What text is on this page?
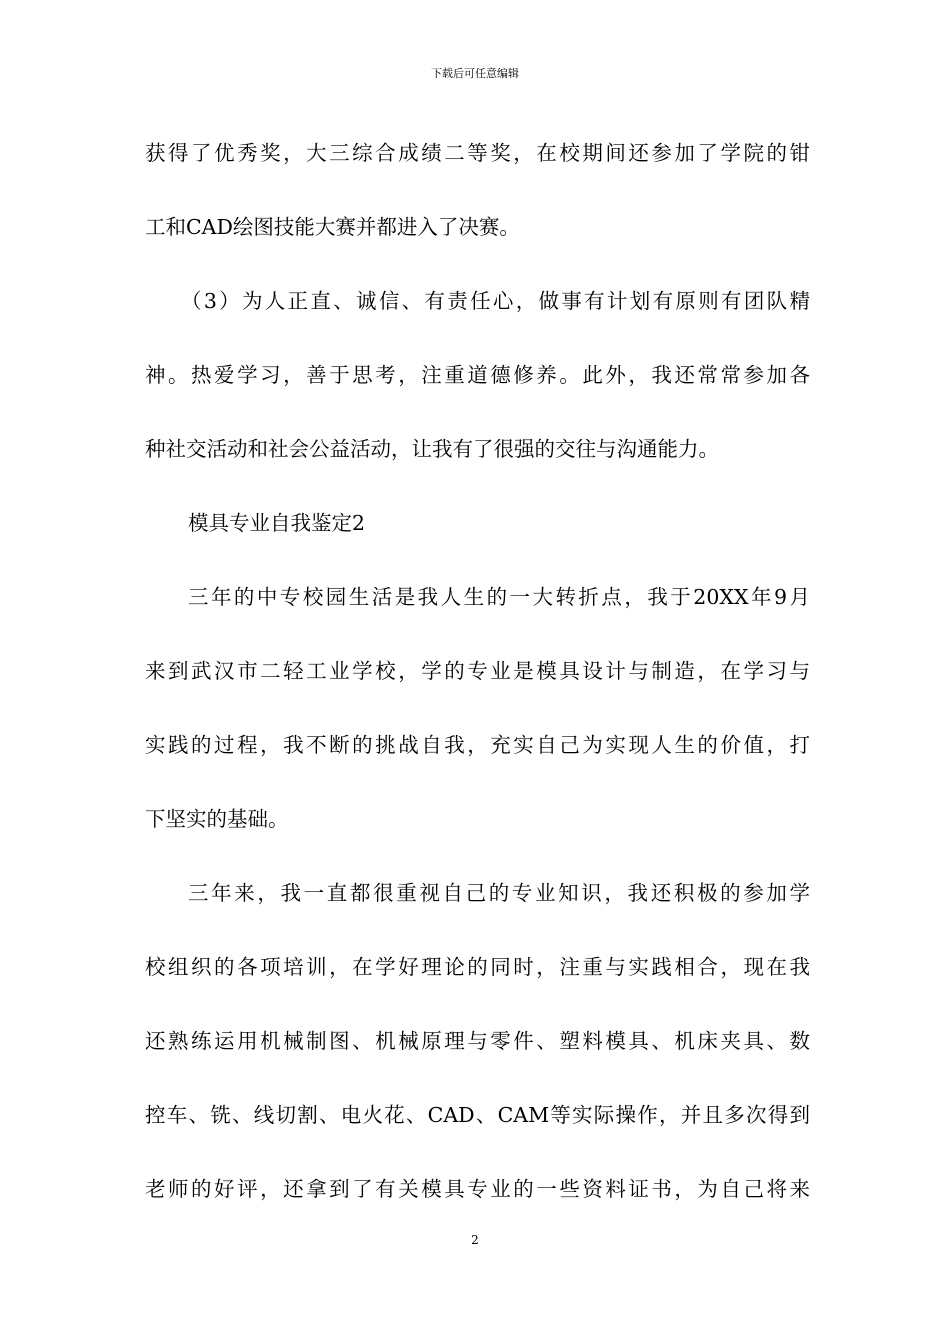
下载后可任意编辑
获得了优秀奖，大三综合成绩二等奖，在校期间还参加了学院的钳
工和CAD绘图技能大赛并都进入了决赛。
（3）为人正直、诚信、有责任心，做事有计划有原则有团队精
神。热爱学习，善于思考，注重道德修养。此外，我还常常参加各
种社交活动和社会公益活动，让我有了很强的交往与沟通能力。
模具专业自我鉴定2
三年的中专校园生活是我人生的一大转折点，我于20XX年9月
来到武汉市二轻工业学校，学的专业是模具设计与制造，在学习与
实践的过程，我不断的挑战自我，充实自己为实现人生的价值，打
下坚实的基础。
三年来，我一直都很重视自己的专业知识，我还积极的参加学
校组织的各项培训，在学好理论的同时，注重与实践相合，现在我
还熟练运用机械制图、机械原理与零件、塑料模具、机床夹具、数
控车、铣、线切割、电火花、CAD、CAM等实际操作，并且多次得到
老师的好评，还拿到了有关模具专业的一些资料证书，为自己将来
2
